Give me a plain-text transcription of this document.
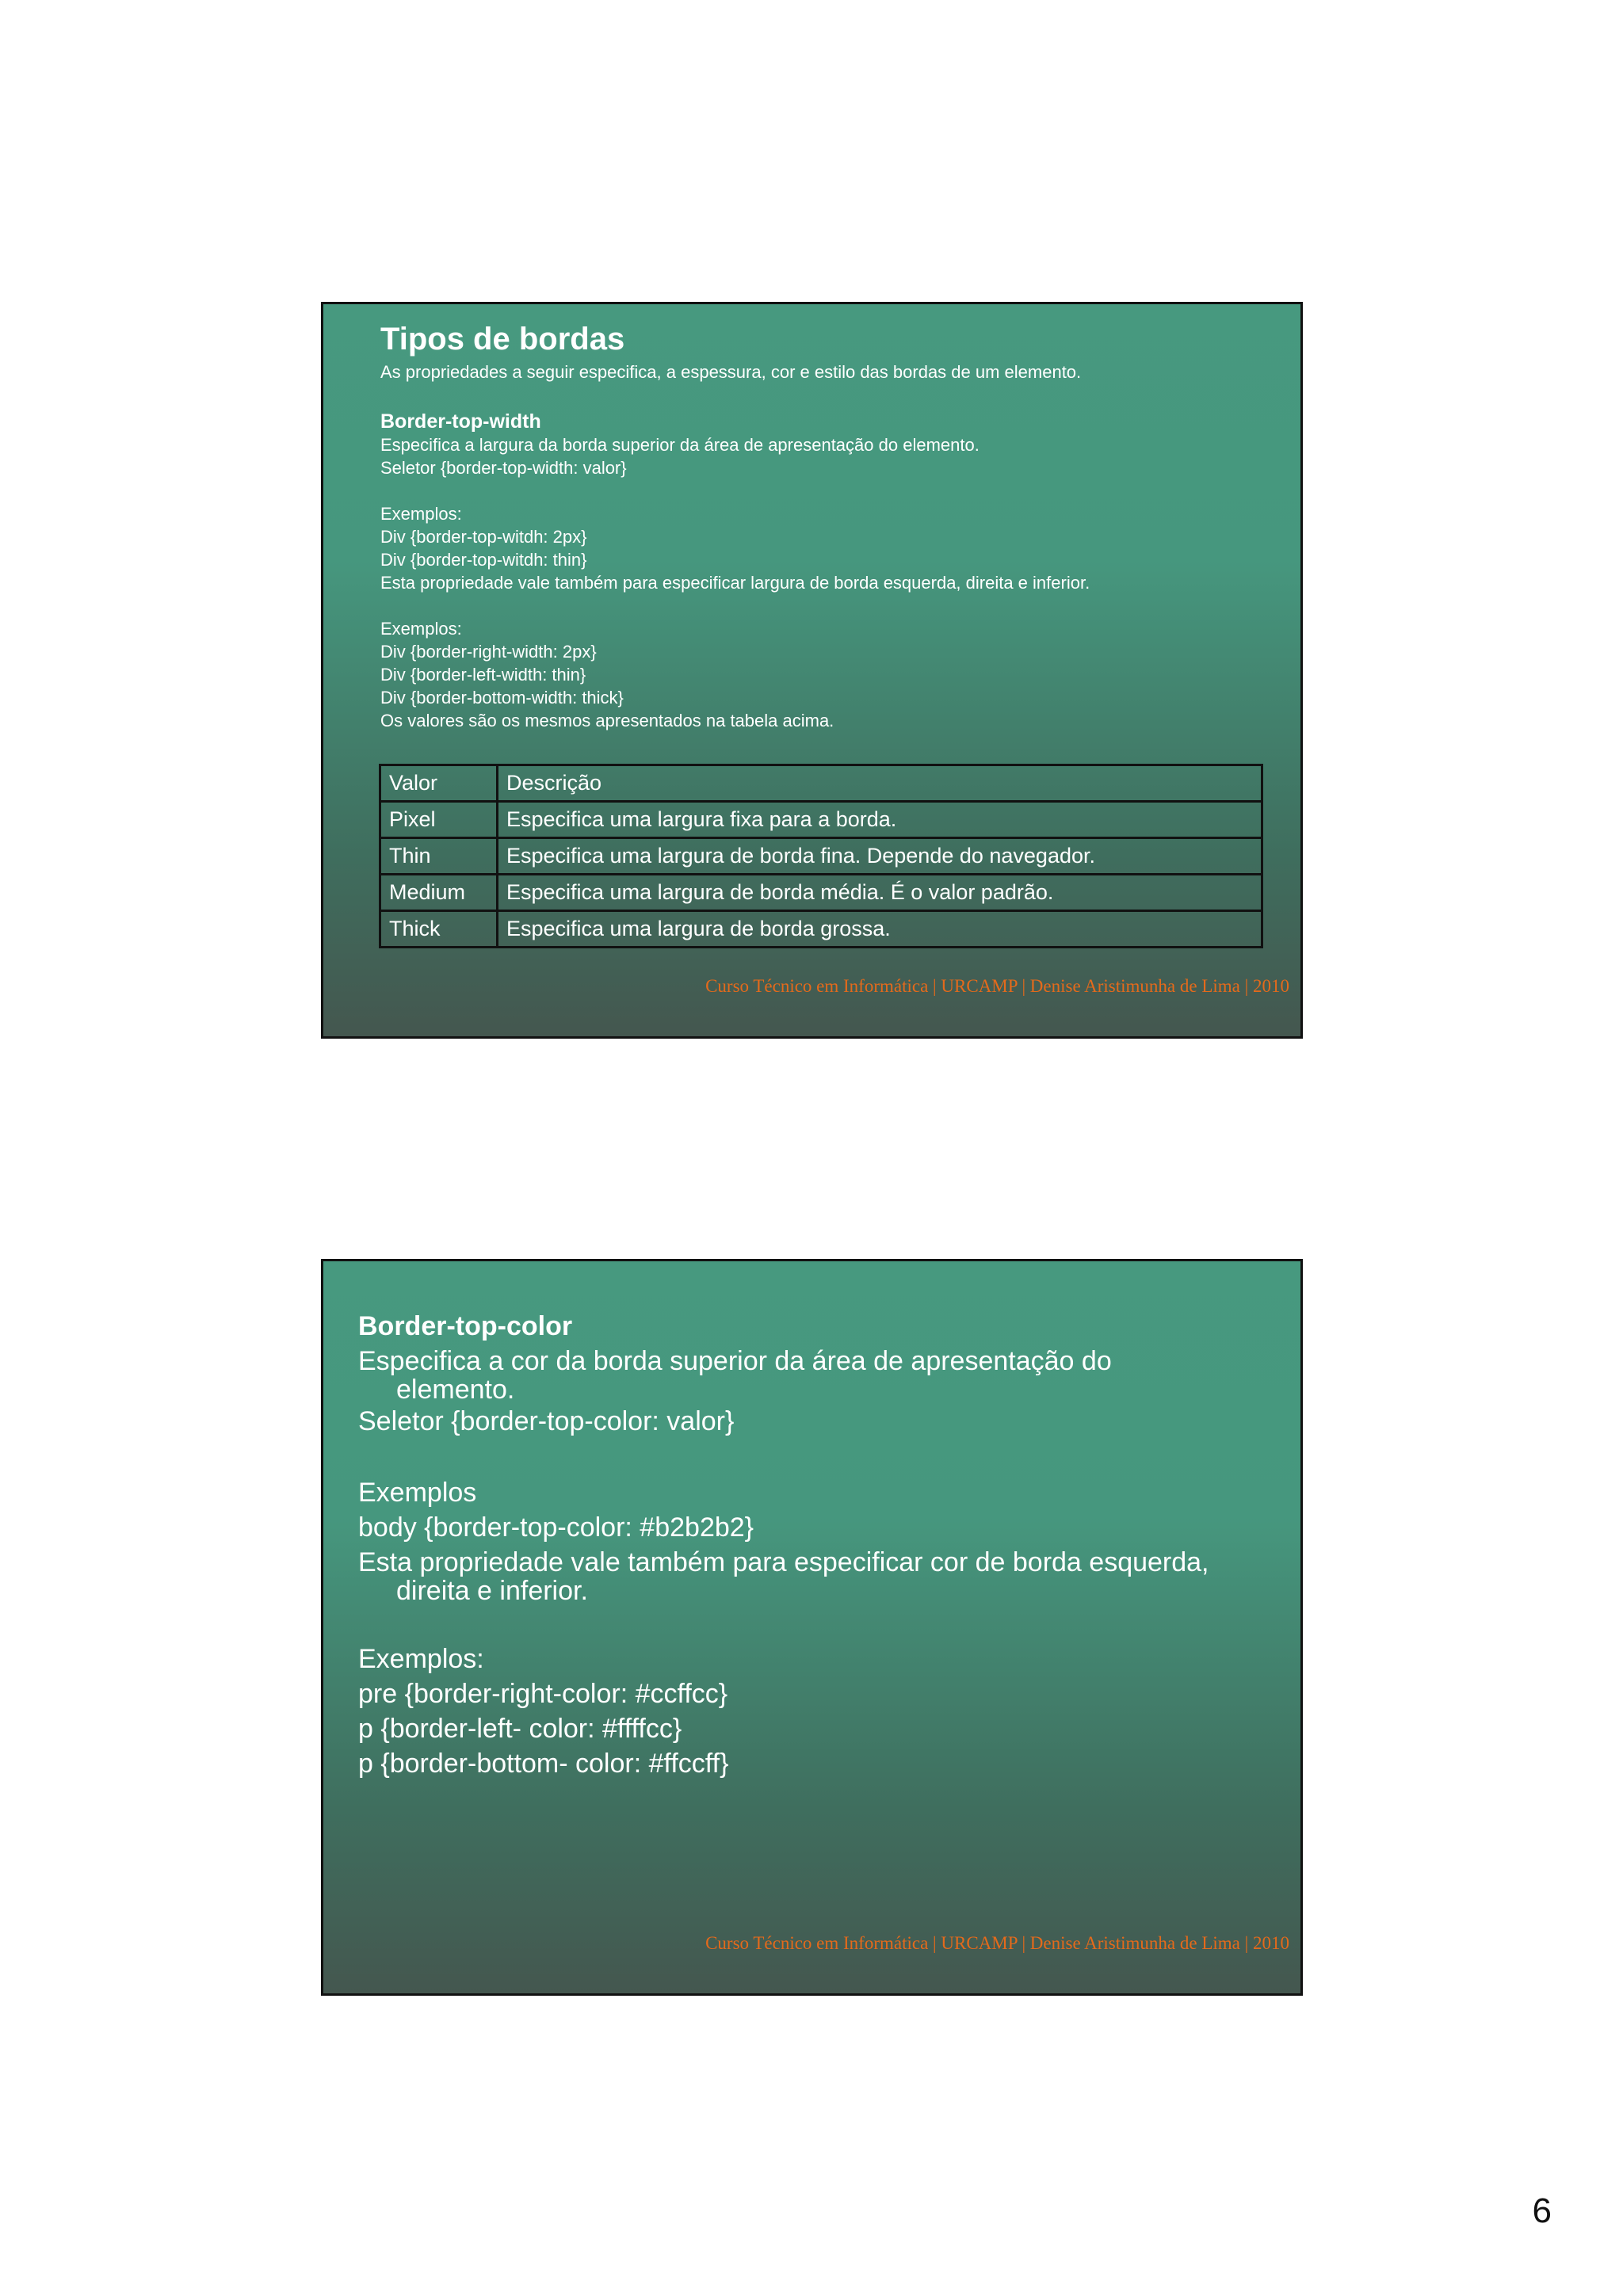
Tipos de bordas
As propriedades a seguir especifica, a espessura, cor e estilo das bordas de um elemento.
Border-top-width
Especifica a largura da borda superior da área de apresentação do elemento.
Seletor {border-top-width: valor}
Exemplos:
Div {border-top-witdh: 2px}
Div {border-top-witdh: thin}
Esta propriedade vale também para especificar largura de borda esquerda, direita e inferior.
Exemplos:
Div {border-right-width: 2px}
Div {border-left-width: thin}
Div {border-bottom-width: thick}
Os valores são os mesmos apresentados na tabela acima.
Valor	Descrição
Pixel	Especifica uma largura fixa para a borda.
Thin	Especifica uma largura de borda fina. Depende do navegador.
Medium	Especifica uma largura de borda média. É o valor padrão.
Thick	Especifica uma largura de borda grossa.
Curso Técnico em Informática | URCAMP | Denise Aristimunha de Lima | 2010
Border-top-color
Especifica a cor da borda superior da área de apresentação do
elemento.
Seletor {border-top-color: valor}
Exemplos
body {border-top-color: #b2b2b2}
Esta propriedade vale também para especificar cor de borda esquerda,
direita e inferior.
Exemplos:
pre {border-right-color: #ccffcc}
p {border-left- color: #ffffcc}
p {border-bottom- color: #ffccff}
Curso Técnico em Informática | URCAMP | Denise Aristimunha de Lima | 2010
6
